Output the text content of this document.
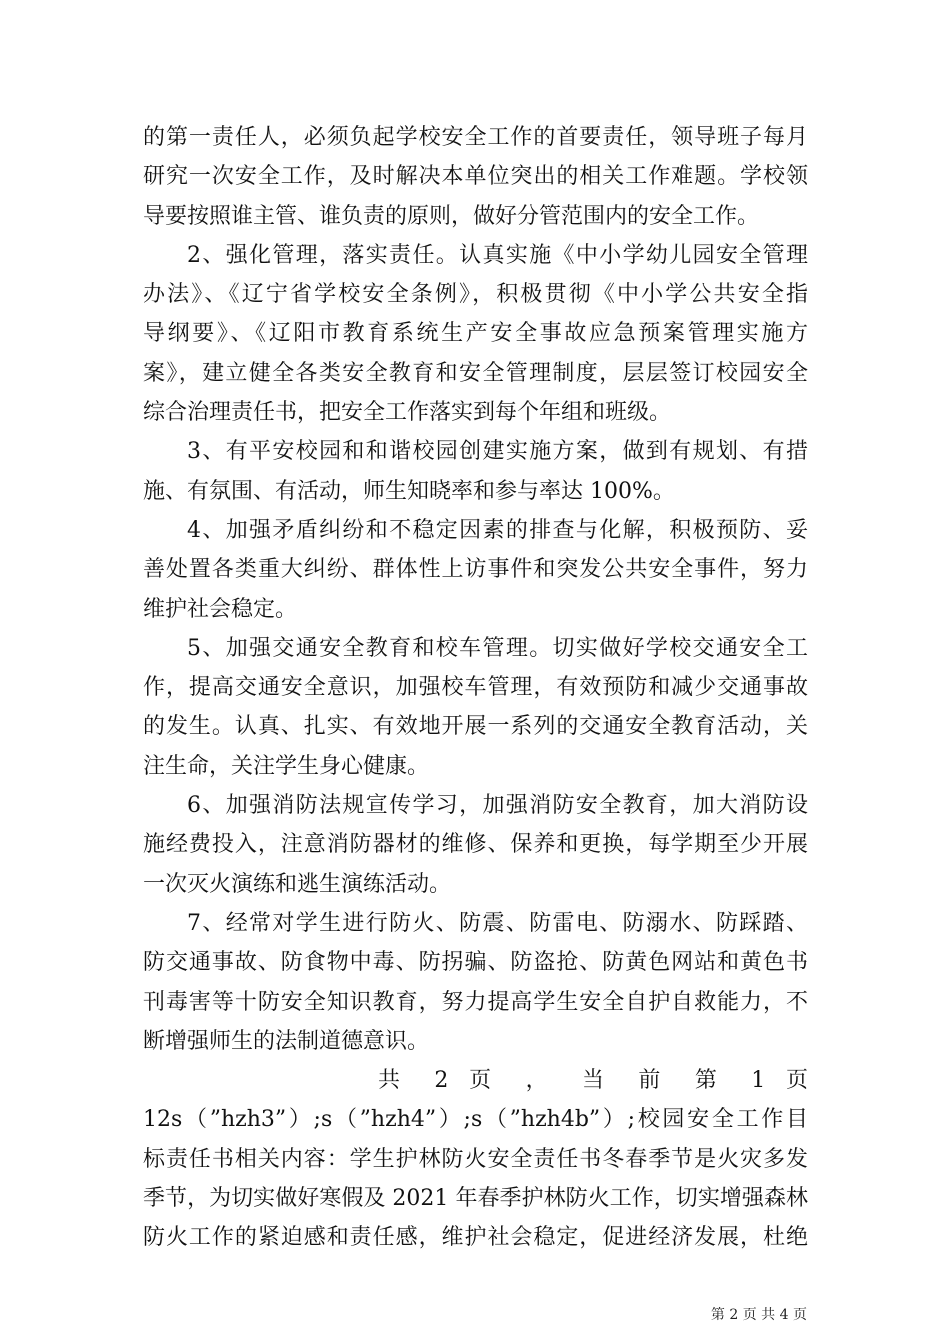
的第一责任人，必须负起学校安全工作的首要责任，领导班子每月
研究一次安全工作，及时解决本单位突出的相关工作难题。学校领
导要按照谁主管、谁负责的原则，做好分管范围内的安全工作。
2、强化管理，落实责任。认真实施《中小学幼儿园安全管理
办法》、《辽宁省学校安全条例》，积极贯彻《中小学公共安全指
导纲要》、《辽阳市教育系统生产安全事故应急预案管理实施方
案》，建立健全各类安全教育和安全管理制度，层层签订校园安全
综合治理责任书，把安全工作落实到每个年组和班级。
3、有平安校园和和谐校园创建实施方案，做到有规划、有措
施、有氛围、有活动，师生知晓率和参与率达 100%。
4、加强矛盾纠纷和不稳定因素的排查与化解，积极预防、妥
善处置各类重大纠纷、群体性上访事件和突发公共安全事件，努力
维护社会稳定。
5、加强交通安全教育和校车管理。切实做好学校交通安全工
作，提高交通安全意识，加强校车管理，有效预防和减少交通事故
的发生。认真、扎实、有效地开展一系列的交通安全教育活动，关
注生命，关注学生身心健康。
6、加强消防法规宣传学习，加强消防安全教育，加大消防设
施经费投入，注意消防器材的维修、保养和更换，每学期至少开展
一次灭火演练和逃生演练活动。
7、经常对学生进行防火、防震、防雷电、防溺水、防踩踏、
防交通事故、防食物中毒、防拐骗、防盗抢、防黄色网站和黄色书
刊毒害等十防安全知识教育，努力提高学生安全自护自救能力，不
断增强师生的法制道德意识。
共 2 页 ， 当 前 第 1 页
12s（”hzh3”）;s（”hzh4”）;s（”hzh4b”）;校园安全工作目
标责任书相关内容：学生护林防火安全责任书冬春季节是火灾多发
季节，为切实做好寒假及 2021 年春季护林防火工作，切实增强森林
防火工作的紧迫感和责任感，维护社会稳定，促进经济发展，杜绝
第 2 页 共 4 页
